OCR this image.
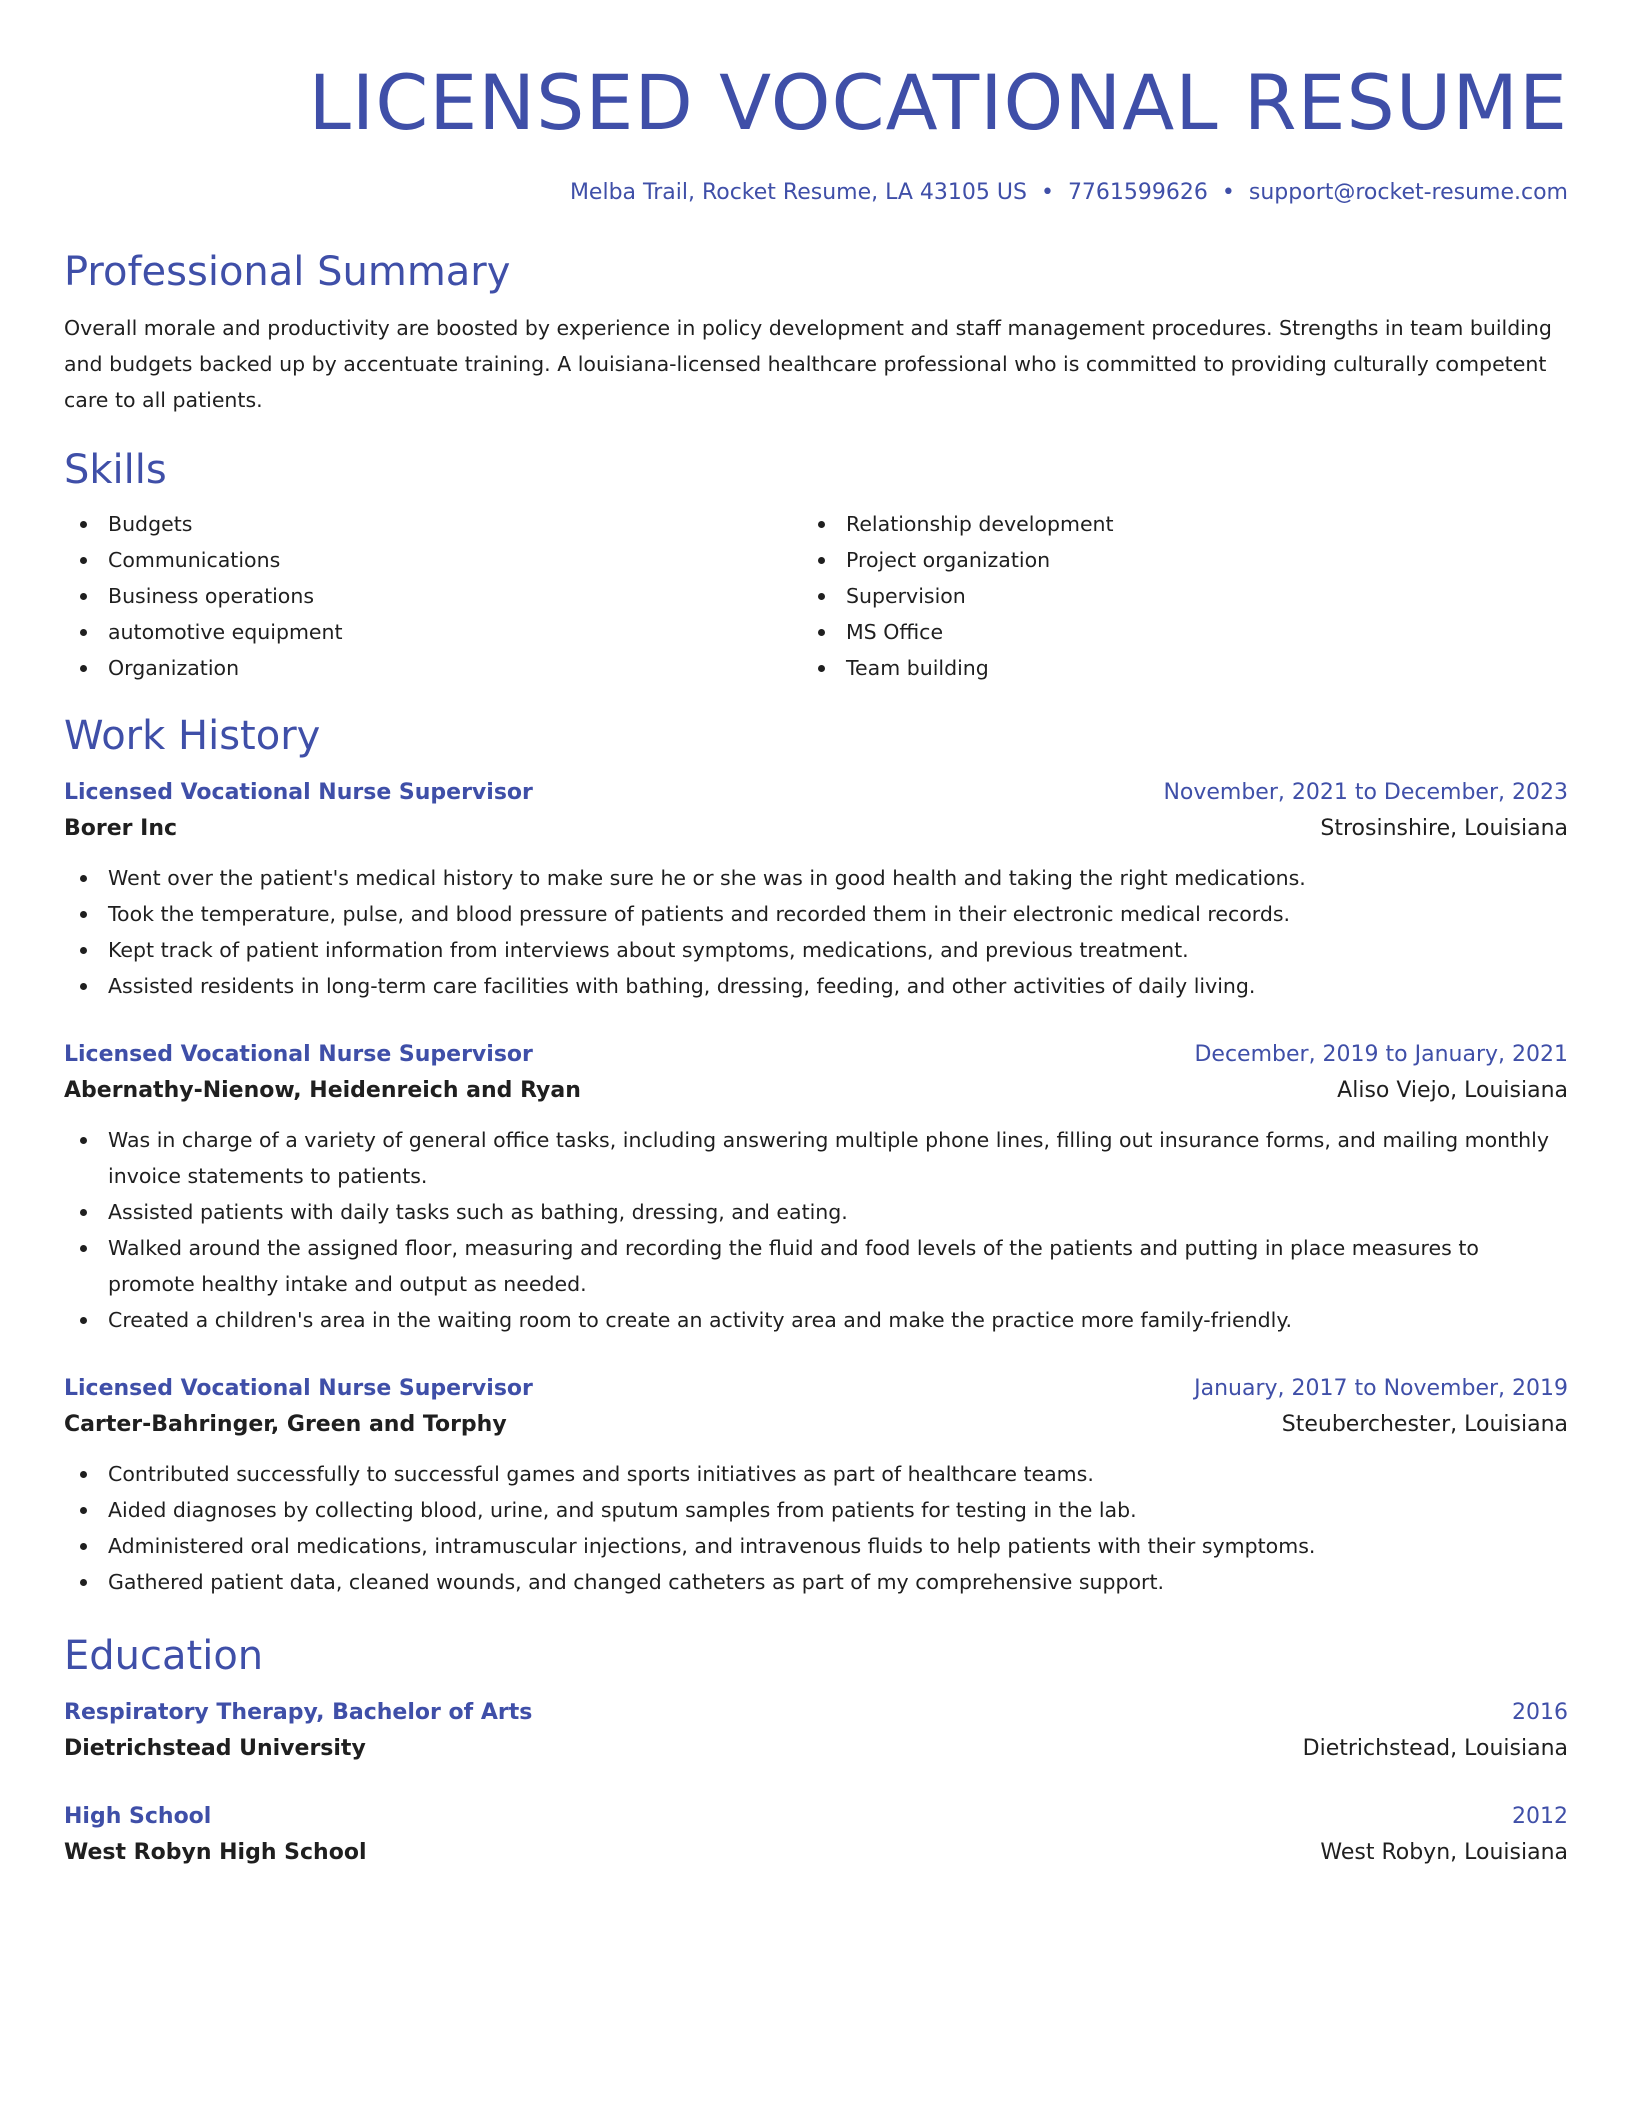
LICENSED VOCATIONAL RESUME
Melba Trail, Rocket Resume, LA 43105 US • 7761599626 • support@rocket-resume.com
Professional Summary

Overall morale and productivity are boosted by experience in policy development and staff management procedures. Strengths in team building and budgets backed up by accentuate training. A louisiana-licensed healthcare professional who is committed to providing culturally competent care to all patients.

Skills
Budgets
Communications
Business operations
automotive equipment
Organization
Relationship development
Project organization
Supervision
MS Office
Team building
Work History
Licensed Vocational Nurse Supervisor	November, 2021 to December, 2023
Borer Inc	Strosinshire, Louisiana
Went over the patient's medical history to make sure he or she was in good health and taking the right medications.
Took the temperature, pulse, and blood pressure of patients and recorded them in their electronic medical records.
Kept track of patient information from interviews about symptoms, medications, and previous treatment.
Assisted residents in long-term care facilities with bathing, dressing, feeding, and other activities of daily living.
Licensed Vocational Nurse Supervisor	December, 2019 to January, 2021
Abernathy-Nienow, Heidenreich and Ryan	Aliso Viejo, Louisiana
Was in charge of a variety of general office tasks, including answering multiple phone lines, filling out insurance forms, and mailing monthly invoice statements to patients.
Assisted patients with daily tasks such as bathing, dressing, and eating.
Walked around the assigned floor, measuring and recording the fluid and food levels of the patients and putting in place measures to promote healthy intake and output as needed.
Created a children's area in the waiting room to create an activity area and make the practice more family-friendly.
Licensed Vocational Nurse Supervisor	January, 2017 to November, 2019
Carter-Bahringer, Green and Torphy	Steuberchester, Louisiana
Contributed successfully to successful games and sports initiatives as part of healthcare teams.
Aided diagnoses by collecting blood, urine, and sputum samples from patients for testing in the lab.
Administered oral medications, intramuscular injections, and intravenous fluids to help patients with their symptoms.
Gathered patient data, cleaned wounds, and changed catheters as part of my comprehensive support.
Education
Respiratory Therapy, Bachelor of Arts	2016
Dietrichstead University	Dietrichstead, Louisiana
High School	2012
West Robyn High School	West Robyn, Louisiana
